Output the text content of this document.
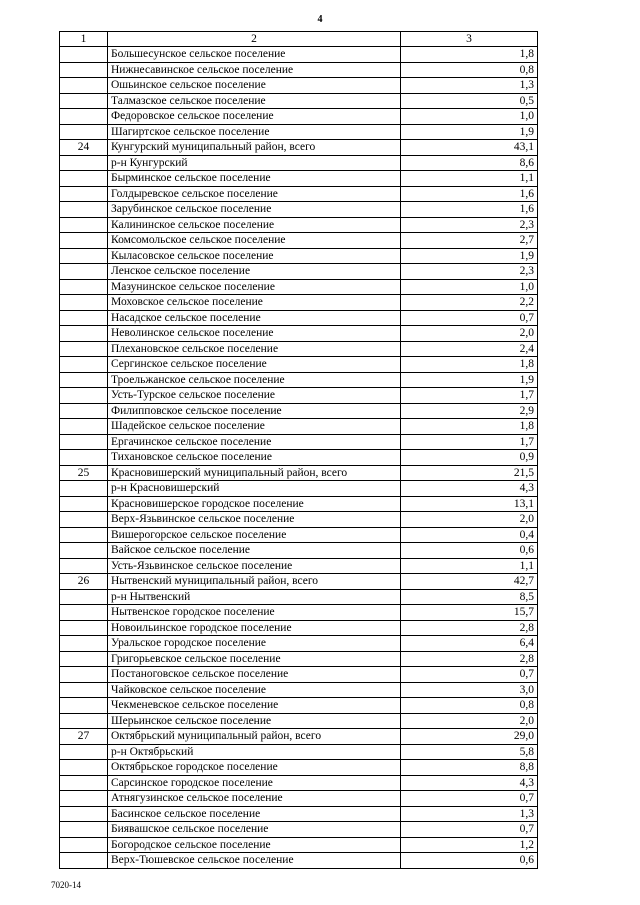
4
1	2	3
	Большесунское сельское поселение	1,8
	Нижнесавинское сельское поселение	0,8
	Ошьинское сельское поселение	1,3
	Талмазское сельское поселение	0,5
	Федоровское сельское поселение	1,0
	Шагиртское сельское поселение	1,9
24	Кунгурский муниципальный район, всего	43,1
	р-н Кунгурский	8,6
	Бырминское сельское поселение	1,1
	Голдыревское сельское поселение	1,6
	Зарубинское сельское поселение	1,6
	Калининское сельское поселение	2,3
	Комсомольское сельское поселение	2,7
	Кыласовское сельское поселение	1,9
	Ленское сельское поселение	2,3
	Мазунинское сельское поселение	1,0
	Моховское сельское поселение	2,2
	Насадское сельское поселение	0,7
	Неволинское сельское поселение	2,0
	Плехановское сельское поселение	2,4
	Сергинское сельское поселение	1,8
	Троельжанское сельское поселение	1,9
	Усть-Турское сельское поселение	1,7
	Филипповское сельское поселение	2,9
	Шадейское сельское поселение	1,8
	Ергачинское сельское поселение	1,7
	Тихановское сельское поселение	0,9
25	Красновишерский муниципальный район, всего	21,5
	р-н Красновишерский	4,3
	Красновишерское городское поселение	13,1
	Верх-Язьвинское сельское поселение	2,0
	Вишерогорское сельское поселение	0,4
	Вайское сельское поселение	0,6
	Усть-Язьвинское сельское поселение	1,1
26	Нытвенский муниципальный район, всего	42,7
	р-н Нытвенский	8,5
	Нытвенское городское поселение	15,7
	Новоильинское городское поселение	2,8
	Уральское городское поселение	6,4
	Григорьевское сельское поселение	2,8
	Постаноговское сельское поселение	0,7
	Чайковское сельское поселение	3,0
	Чекменевское сельское поселение	0,8
	Шерьинское сельское поселение	2,0
27	Октябрьский муниципальный район, всего	29,0
	р-н Октябрьский	5,8
	Октябрьское городское поселение	8,8
	Сарсинское городское поселение	4,3
	Атнягузинское сельское поселение	0,7
	Басинское сельское поселение	1,3
	Биявашское сельское поселение	0,7
	Богородское сельское поселение	1,2
	Верх-Тюшевское сельское поселение	0,6
7020-14
